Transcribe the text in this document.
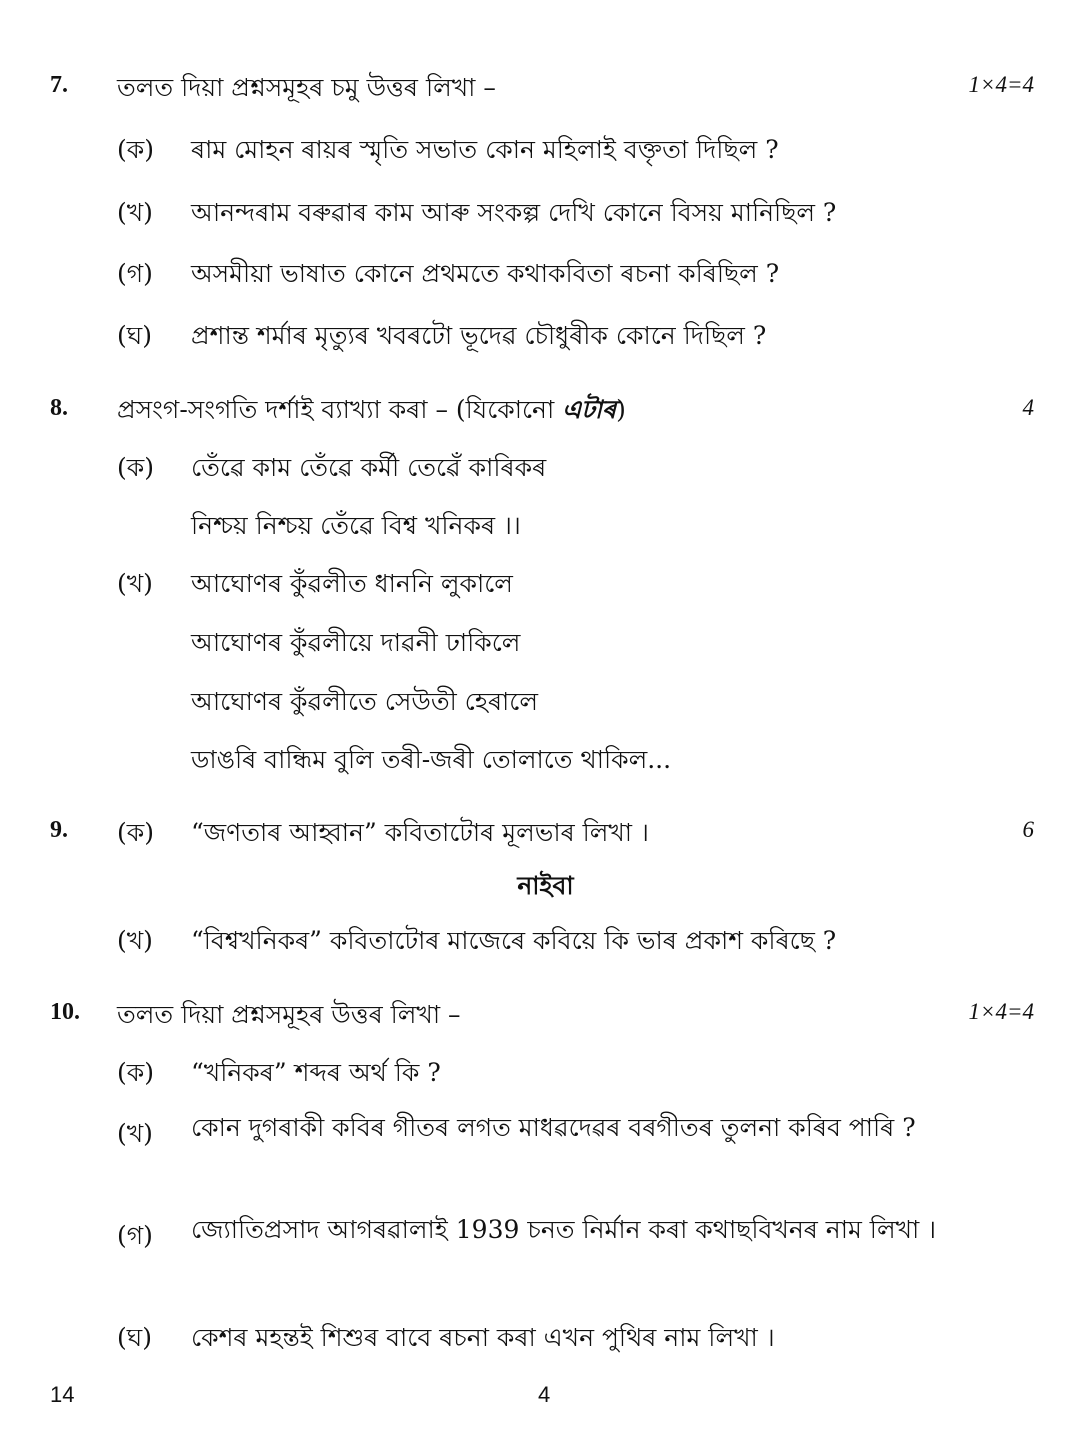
7.	তলত দিয়া প্ৰশ্নসমূহৰ চমু উত্তৰ লিখা –	1×4=4
(ক)	ৰাম মোহন ৰায়ৰ স্মৃতি সভাত কোন মহিলাই বক্তৃতা দিছিল ?
(খ)	আনন্দৰাম বৰুৱাৰ কাম আৰু সংকল্প দেখি কোনে বিসয় মানিছিল ?
(গ)	অসমীয়া ভাষাত কোনে প্ৰথমতে কথাকবিতা ৰচনা কৰিছিল ?
(ঘ)	প্ৰশান্ত শৰ্মাৰ মৃত্যুৰ খবৰটো ভূদেৱ চৌধুৰীক কোনে দিছিল ?
8.	প্ৰসংগ-সংগতি দৰ্শাই ব্যাখ্যা কৰা – (যিকোনো এটাৰ)	4
(ক)	তেঁৱে কাম তেঁৱে কৰ্মী তেৱেঁ কাৰিকৰ
নিশ্চয় নিশ্চয় তেঁৱে বিশ্ব খনিকৰ ।।
(খ)	আঘোণৰ কুঁৱলীত ধাননি লুকালে
আঘোণৰ কুঁৱলীয়ে দাৱনী ঢাকিলে
আঘোণৰ কুঁৱলীতে সেউতী হেৰালে
ডাঙৰি বান্ধিম বুলি তৰী-জৰী তোলাতে থাকিল...
9.	(ক)	“জণতাৰ আহ্বান” কবিতাটোৰ মূলভাৰ লিখা ।	6
নাইবা
(খ)	“বিশ্বখনিকৰ” কবিতাটোৰ মাজেৰে কবিয়ে কি ভাৰ প্ৰকাশ কৰিছে ?
10.	তলত দিয়া প্ৰশ্নসমূহৰ উত্তৰ লিখা –	1×4=4
(ক)	“খনিকৰ” শব্দৰ অৰ্থ কি ?
(খ)	কোন দুগৰাকী কবিৰ গীতৰ লগত মাধৱদেৱৰ বৰগীতৰ তুলনা কৰিব পাৰি ?
(গ)	জ্যোতিপ্ৰসাদ আগৰৱালাই 1939 চনত নিৰ্মান কৰা কথাছবিখনৰ নাম লিখা ।
(ঘ)	কেশৰ মহন্তই শিশুৰ বাবে ৰচনা কৰা এখন পুথিৰ নাম লিখা ।
14	4
